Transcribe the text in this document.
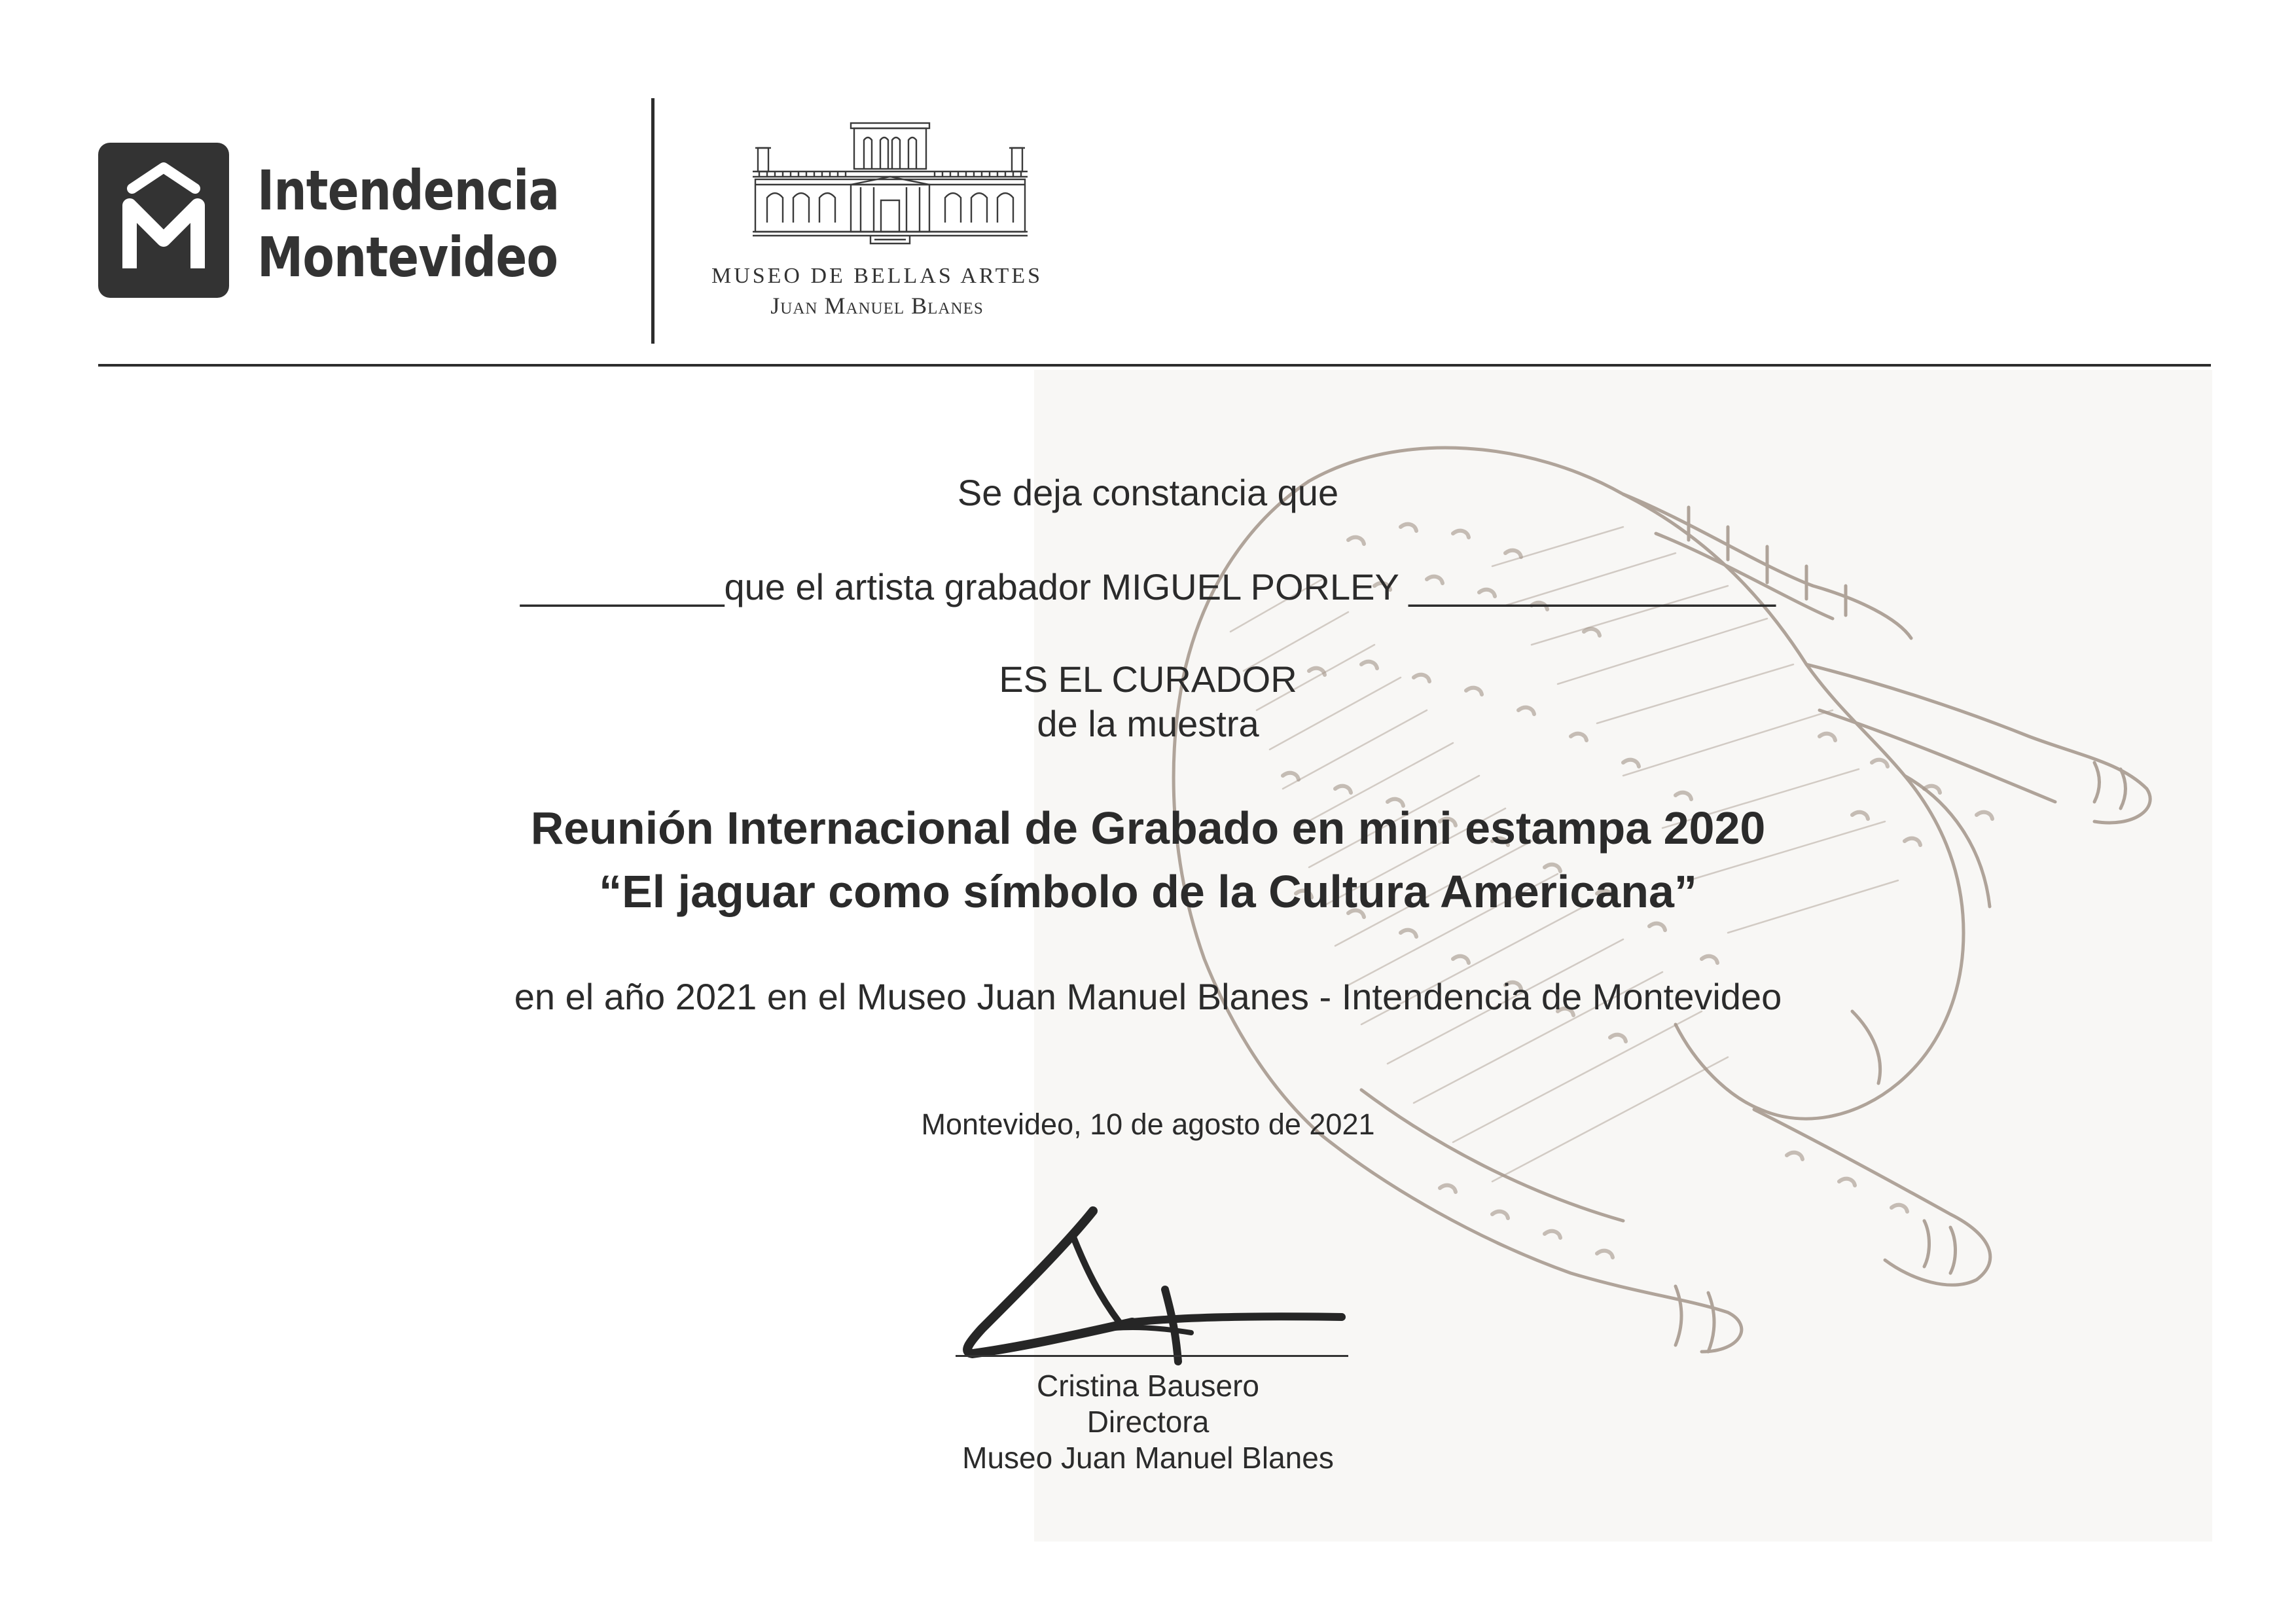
Intendencia
Montevideo	MUSEO DE BELLAS ARTES
Juan Manuel Blanes
Se deja constancia que
__________que el artista grabador MIGUEL PORLEY __________________
ES EL CURADOR
de la muestra
Reunión Internacional de Grabado en mini estampa 2020
“El jaguar como símbolo de la Cultura Americana”
en el año 2021 en el Museo Juan Manuel Blanes - Intendencia de Montevideo
Montevideo, 10 de agosto de 2021
Cristina Bausero
Directora
Museo Juan Manuel Blanes
